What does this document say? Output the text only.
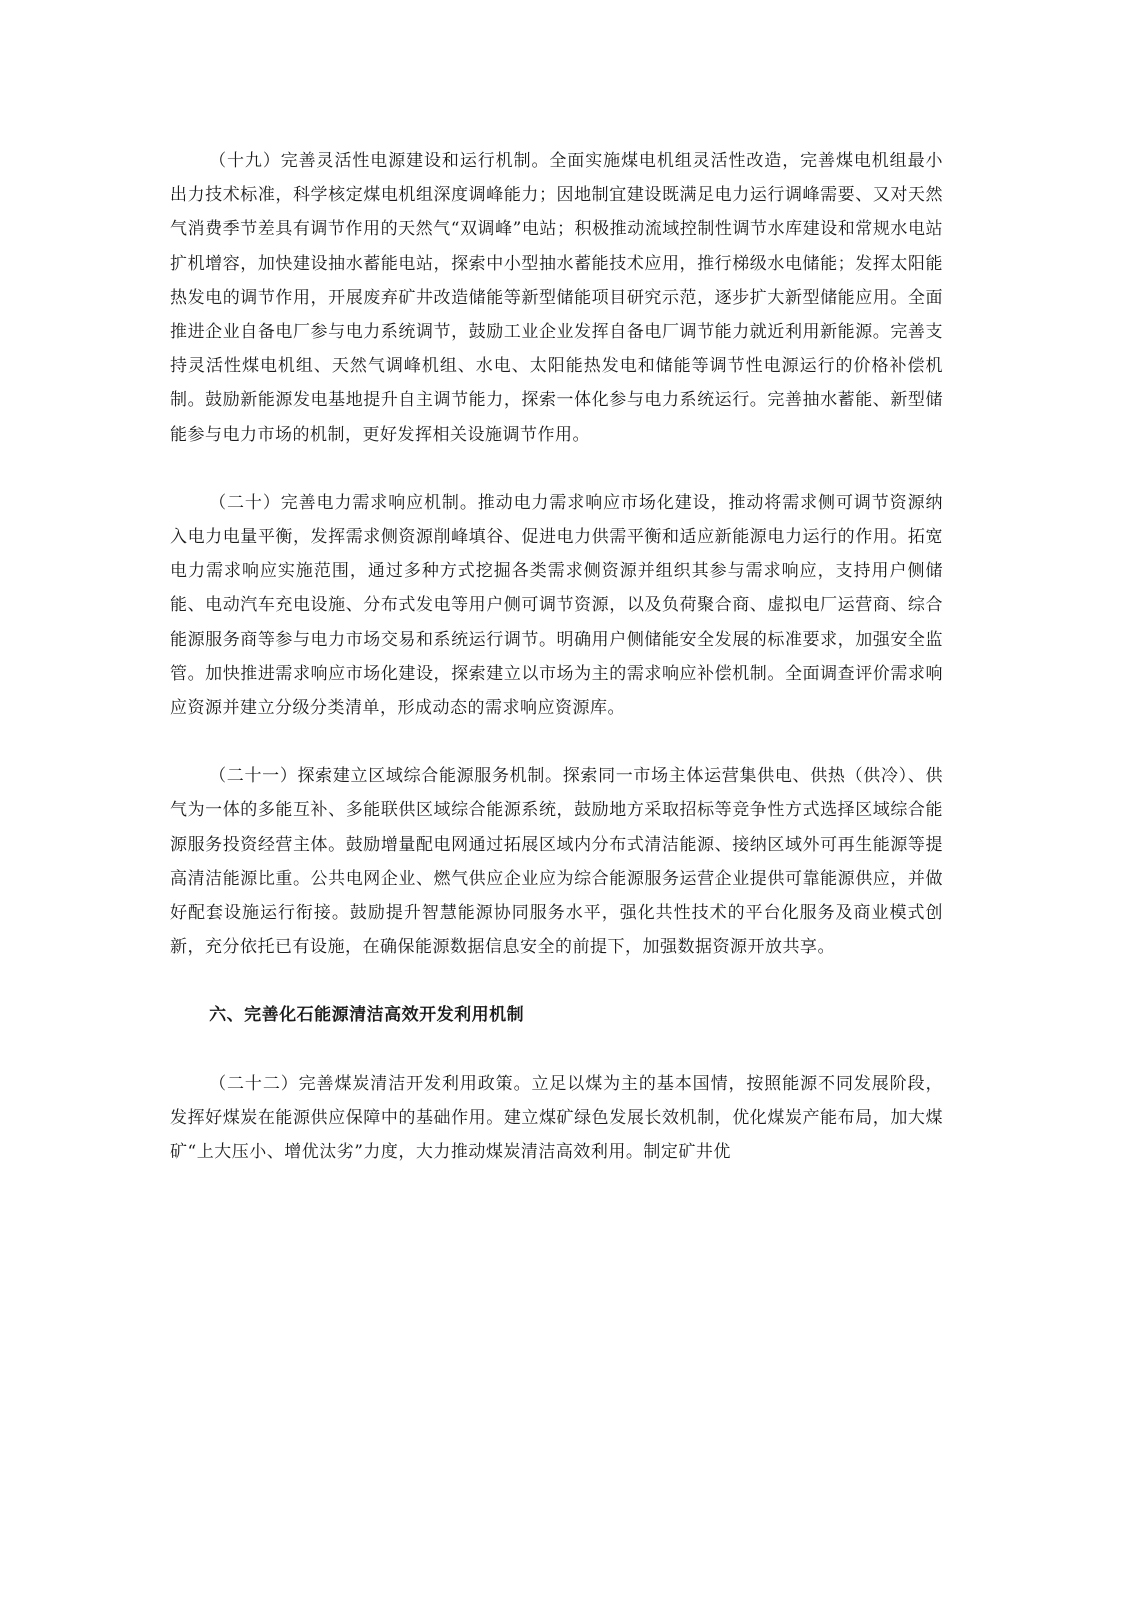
（十九）完善灵活性电源建设和运行机制。全面实施煤电机组灵活性改造，完善煤电机组最小出力技术标准，科学核定煤电机组深度调峰能力；因地制宜建设既满足电力运行调峰需要、又对天然气消费季节差具有调节作用的天然气“双调峰”电站；积极推动流域控制性调节水库建设和常规水电站扩机增容，加快建设抽水蓄能电站，探索中小型抽水蓄能技术应用，推行梯级水电储能；发挥太阳能热发电的调节作用，开展废弃矿井改造储能等新型储能项目研究示范，逐步扩大新型储能应用。全面推进企业自备电厂参与电力系统调节，鼓励工业企业发挥自备电厂调节能力就近利用新能源。完善支持灵活性煤电机组、天然气调峰机组、水电、太阳能热发电和储能等调节性电源运行的价格补偿机制。鼓励新能源发电基地提升自主调节能力，探索一体化参与电力系统运行。完善抽水蓄能、新型储能参与电力市场的机制，更好发挥相关设施调节作用。

（二十）完善电力需求响应机制。推动电力需求响应市场化建设，推动将需求侧可调节资源纳入电力电量平衡，发挥需求侧资源削峰填谷、促进电力供需平衡和适应新能源电力运行的作用。拓宽电力需求响应实施范围，通过多种方式挖掘各类需求侧资源并组织其参与需求响应，支持用户侧储能、电动汽车充电设施、分布式发电等用户侧可调节资源，以及负荷聚合商、虚拟电厂运营商、综合能源服务商等参与电力市场交易和系统运行调节。明确用户侧储能安全发展的标准要求，加强安全监管。加快推进需求响应市场化建设，探索建立以市场为主的需求响应补偿机制。全面调查评价需求响应资源并建立分级分类清单，形成动态的需求响应资源库。

（二十一）探索建立区域综合能源服务机制。探索同一市场主体运营集供电、供热（供冷）、供气为一体的多能互补、多能联供区域综合能源系统，鼓励地方采取招标等竞争性方式选择区域综合能源服务投资经营主体。鼓励增量配电网通过拓展区域内分布式清洁能源、接纳区域外可再生能源等提高清洁能源比重。公共电网企业、燃气供应企业应为综合能源服务运营企业提供可靠能源供应，并做好配套设施运行衔接。鼓励提升智慧能源协同服务水平，强化共性技术的平台化服务及商业模式创新，充分依托已有设施，在确保能源数据信息安全的前提下，加强数据资源开放共享。

六、完善化石能源清洁高效开发利用机制

（二十二）完善煤炭清洁开发利用政策。立足以煤为主的基本国情，按照能源不同发展阶段，发挥好煤炭在能源供应保障中的基础作用。建立煤矿绿色发展长效机制，优化煤炭产能布局，加大煤矿“上大压小、增优汰劣”力度，大力推动煤炭清洁高效利用。制定矿井优
